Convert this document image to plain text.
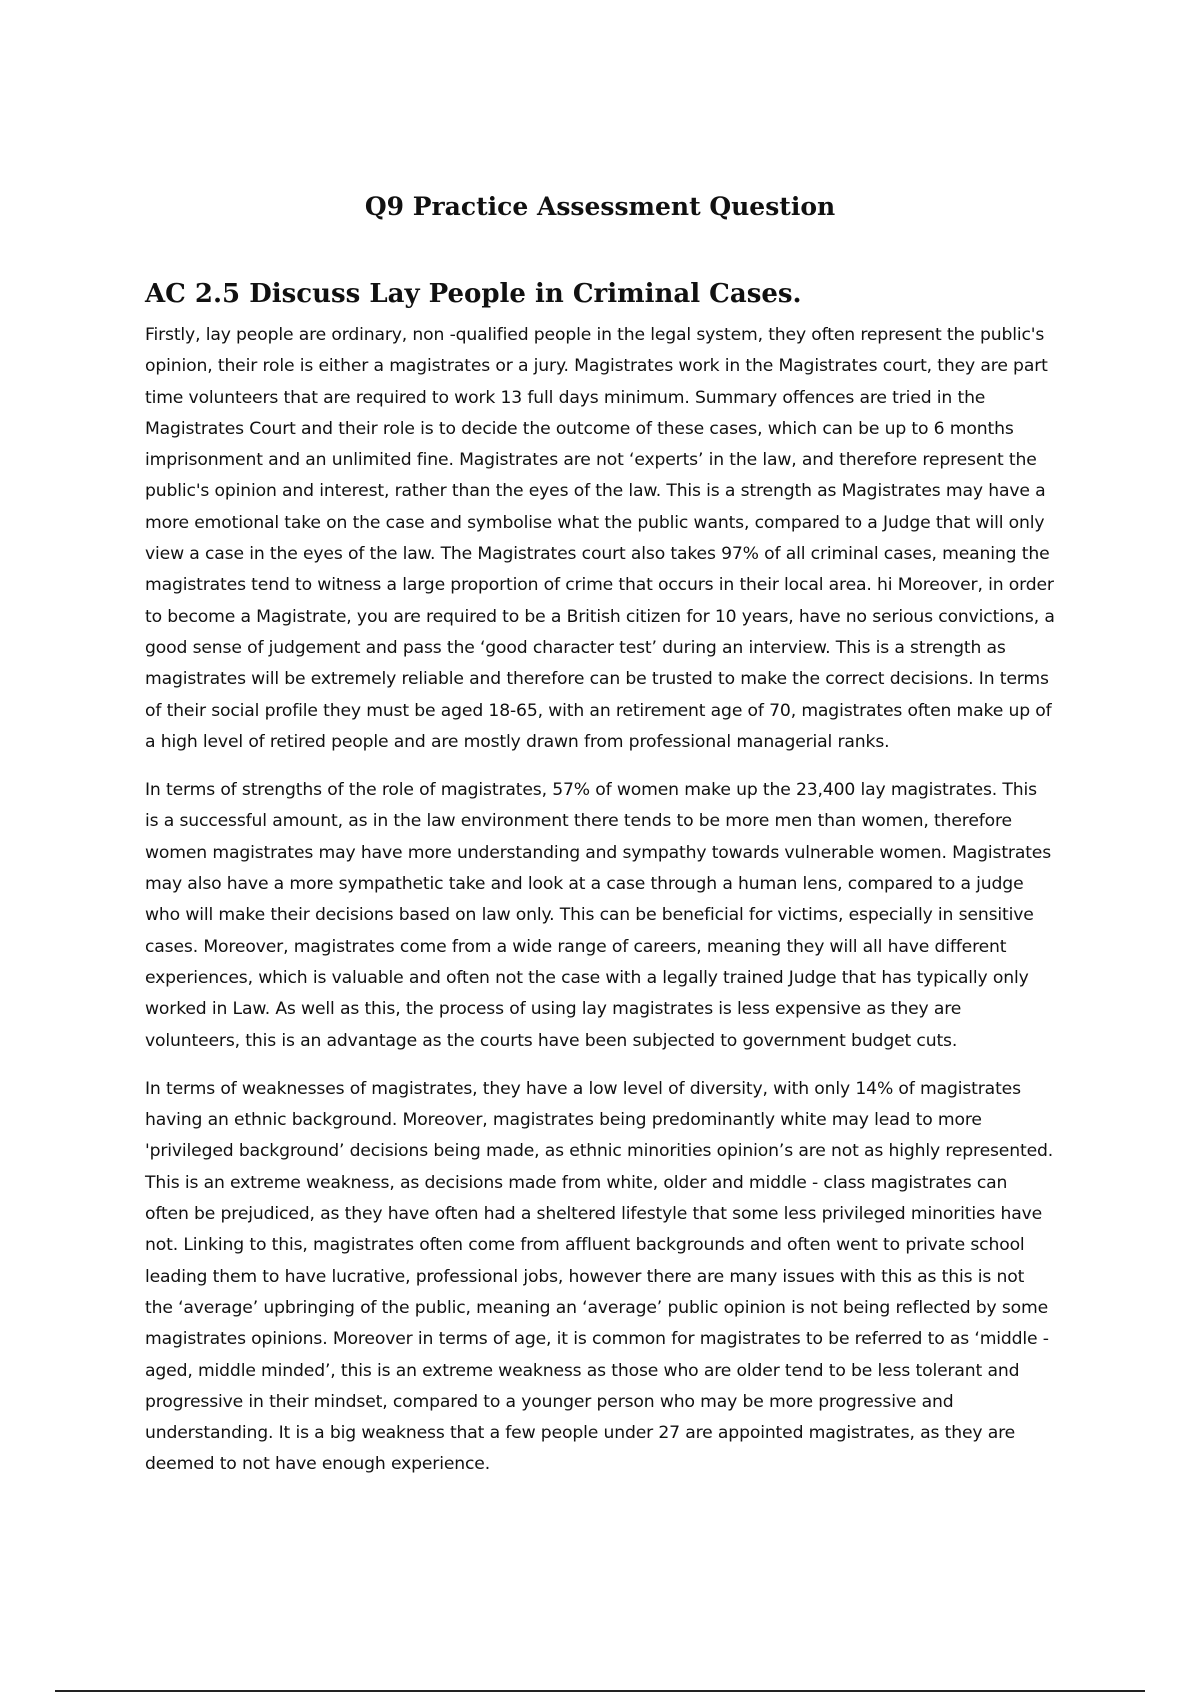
Q9 Practice Assessment Question
AC 2.5 Discuss Lay People in Criminal Cases.

Firstly, lay people are ordinary, non -qualified people in the legal system, they often represent the public's opinion, their role is either a magistrates or a jury. Magistrates work in the Magistrates court, they are part time volunteers that are required to work 13 full days minimum. Summary offences are tried in the Magistrates Court and their role is to decide the outcome of these cases, which can be up to 6 months imprisonment and an unlimited fine. Magistrates are not ‘experts’ in the law, and therefore represent the public's opinion and interest, rather than the eyes of the law. This is a strength as Magistrates may have a more emotional take on the case and symbolise what the public wants, compared to a Judge that will only view a case in the eyes of the law. The Magistrates court also takes 97% of all criminal cases, meaning the magistrates tend to witness a large proportion of crime that occurs in their local area. hi Moreover, in order to become a Magistrate, you are required to be a British citizen for 10 years, have no serious convictions, a good sense of judgement and pass the ‘good character test’ during an interview. This is a strength as magistrates will be extremely reliable and therefore can be trusted to make the correct decisions. In terms of their social profile they must be aged 18-65, with an retirement age of 70, magistrates often make up of a high level of retired people and are mostly drawn from professional managerial ranks.

In terms of strengths of the role of magistrates, 57% of women make up the 23,400 lay magistrates. This is a successful amount, as in the law environment there tends to be more men than women, therefore women magistrates may have more understanding and sympathy towards vulnerable women. Magistrates may also have a more sympathetic take and look at a case through a human lens, compared to a judge who will make their decisions based on law only. This can be beneficial for victims, especially in sensitive cases. Moreover, magistrates come from a wide range of careers, meaning they will all have different experiences, which is valuable and often not the case with a legally trained Judge that has typically only worked in Law. As well as this, the process of using lay magistrates is less expensive as they are volunteers, this is an advantage as the courts have been subjected to government budget cuts.

In terms of weaknesses of magistrates, they have a low level of diversity, with only 14% of magistrates having an ethnic background. Moreover, magistrates being predominantly white may lead to more 'privileged background’ decisions being made, as ethnic minorities opinion’s are not as highly represented. This is an extreme weakness, as decisions made from white, older and middle - class magistrates can often be prejudiced, as they have often had a sheltered lifestyle that some less privileged minorities have not. Linking to this, magistrates often come from affluent backgrounds and often went to private school leading them to have lucrative, professional jobs, however there are many issues with this as this is not the ‘average’ upbringing of the public, meaning an ‘average’ public opinion is not being reflected by some magistrates opinions. Moreover in terms of age, it is common for magistrates to be referred to as ‘middle - aged, middle minded’, this is an extreme weakness as those who are older tend to be less tolerant and progressive in their mindset, compared to a younger person who may be more progressive and understanding. It is a big weakness that a few people under 27 are appointed magistrates, as they are deemed to not have enough experience.
